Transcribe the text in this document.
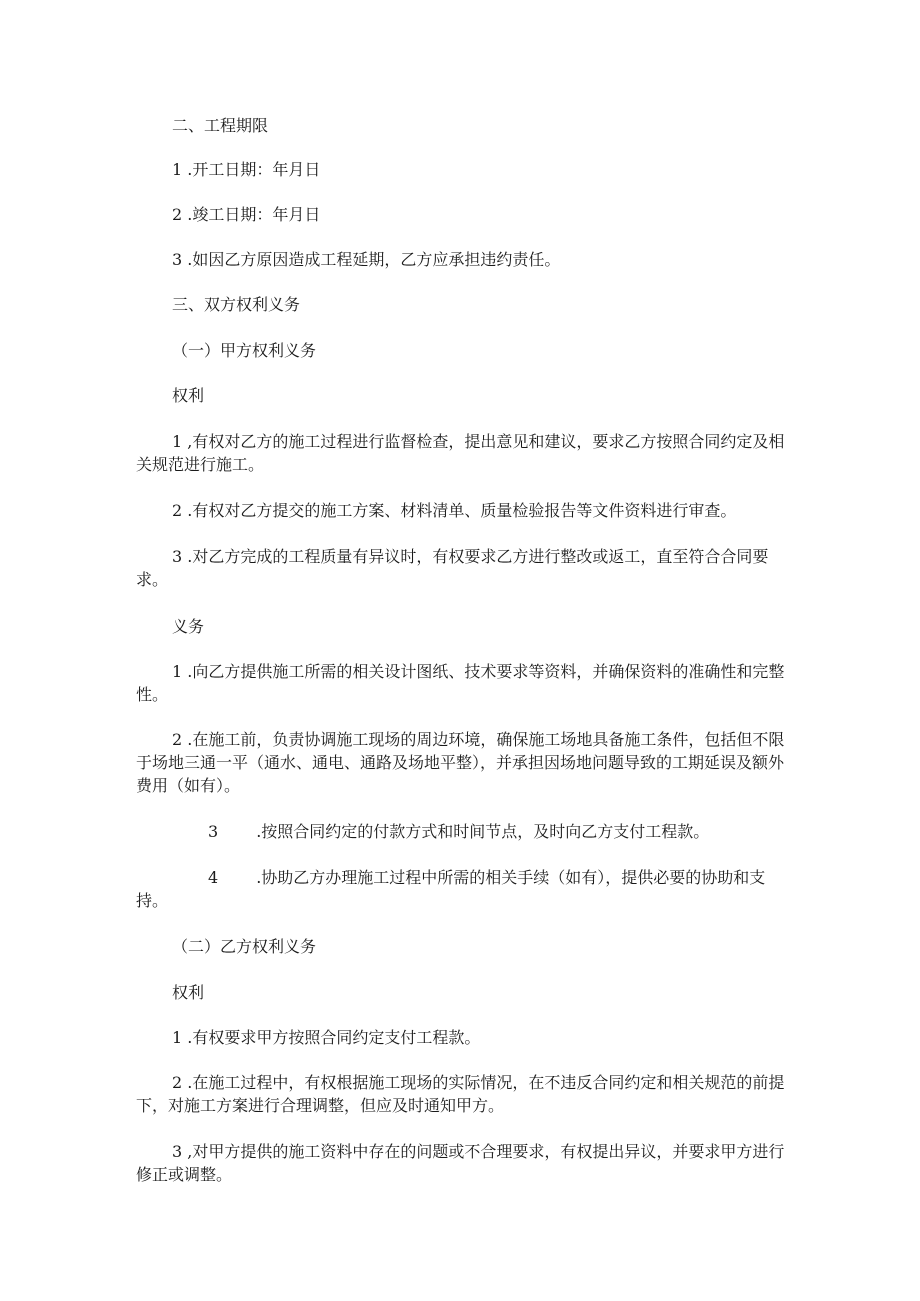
二、工程期限

1 .开工日期：年月日

2 .竣工日期：年月日

3 .如因乙方原因造成工程延期，乙方应承担违约责任。

三、双方权利义务

（一）甲方权利义务

权利

1 ,有权对乙方的施工过程进行监督检查，提出意见和建议，要求乙方按照合同约定及相关规范进行施工。

2 .有权对乙方提交的施工方案、材料清单、质量检验报告等文件资料进行审查。

3 .对乙方完成的工程质量有异议时，有权要求乙方进行整改或返工，直至符合合同要求。

义务

1 .向乙方提供施工所需的相关设计图纸、技术要求等资料，并确保资料的准确性和完整性。

2 .在施工前，负责协调施工现场的周边环境，确保施工场地具备施工条件，包括但不限于场地三通一平（通水、通电、通路及场地平整），并承担因场地问题导致的工期延误及额外费用（如有）。

3 .按照合同约定的付款方式和时间节点，及时向乙方支付工程款。

4 .协助乙方办理施工过程中所需的相关手续（如有），提供必要的协助和支持。

（二）乙方权利义务

权利

1 .有权要求甲方按照合同约定支付工程款。

2 .在施工过程中，有权根据施工现场的实际情况，在不违反合同约定和相关规范的前提下，对施工方案进行合理调整，但应及时通知甲方。

3 ,对甲方提供的施工资料中存在的问题或不合理要求，有权提出异议，并要求甲方进行修正或调整。
